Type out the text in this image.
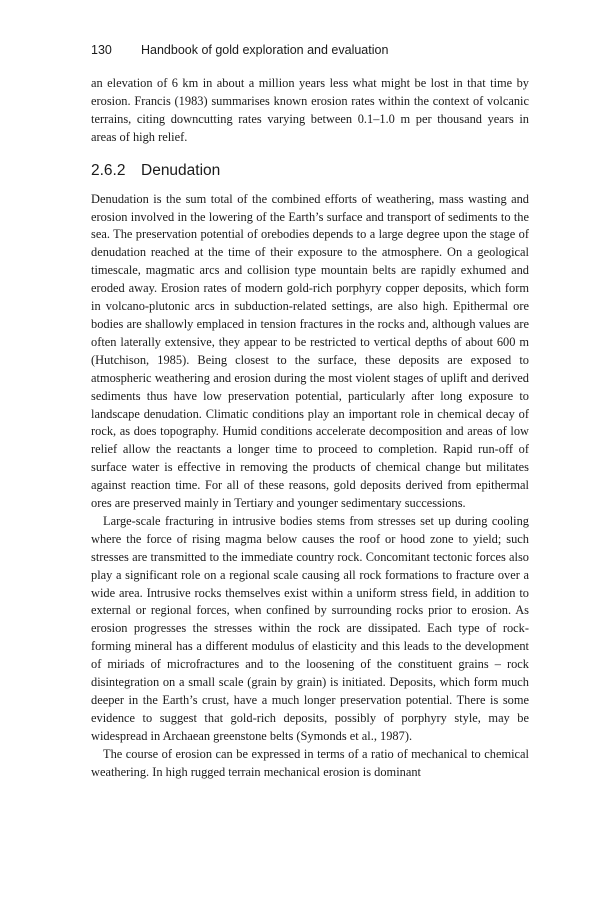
130 Handbook of gold exploration and evaluation

an elevation of 6 km in about a million years less what might be lost in that time by erosion. Francis (1983) summarises known erosion rates within the context of volcanic terrains, citing downcutting rates varying between 0.1–1.0 m per thousand years in areas of high relief.

2.6.2 Denudation

Denudation is the sum total of the combined efforts of weathering, mass wasting and erosion involved in the lowering of the Earth’s surface and transport of sediments to the sea. The preservation potential of orebodies depends to a large degree upon the stage of denudation reached at the time of their exposure to the atmosphere. On a geological timescale, magmatic arcs and collision type mountain belts are rapidly exhumed and eroded away. Erosion rates of modern gold-rich porphyry copper deposits, which form in volcano-plutonic arcs in subduction-related settings, are also high. Epithermal ore bodies are shallowly emplaced in tension fractures in the rocks and, although values are often laterally extensive, they appear to be restricted to vertical depths of about 600 m (Hutchison, 1985). Being closest to the surface, these deposits are exposed to atmospheric weathering and erosion during the most violent stages of uplift and derived sediments thus have low preservation potential, particularly after long exposure to landscape denudation. Climatic conditions play an important role in chemical decay of rock, as does topography. Humid conditions accelerate decomposition and areas of low relief allow the reactants a longer time to proceed to completion. Rapid run-off of surface water is effective in removing the products of chemical change but militates against reaction time. For all of these reasons, gold deposits derived from epithermal ores are preserved mainly in Tertiary and younger sedimentary successions.

Large-scale fracturing in intrusive bodies stems from stresses set up during cooling where the force of rising magma below causes the roof or hood zone to yield; such stresses are transmitted to the immediate country rock. Concomitant tectonic forces also play a significant role on a regional scale causing all rock formations to fracture over a wide area. Intrusive rocks themselves exist within a uniform stress field, in addition to external or regional forces, when confined by surrounding rocks prior to erosion. As erosion progresses the stresses within the rock are dissipated. Each type of rock-forming mineral has a different modulus of elasticity and this leads to the development of miriads of microfractures and to the loosening of the constituent grains – rock disintegration on a small scale (grain by grain) is initiated. Deposits, which form much deeper in the Earth’s crust, have a much longer preservation potential. There is some evidence to suggest that gold-rich deposits, possibly of porphyry style, may be widespread in Archaean greenstone belts (Symonds et al., 1987).

The course of erosion can be expressed in terms of a ratio of mechanical to chemical weathering. In high rugged terrain mechanical erosion is dominant
